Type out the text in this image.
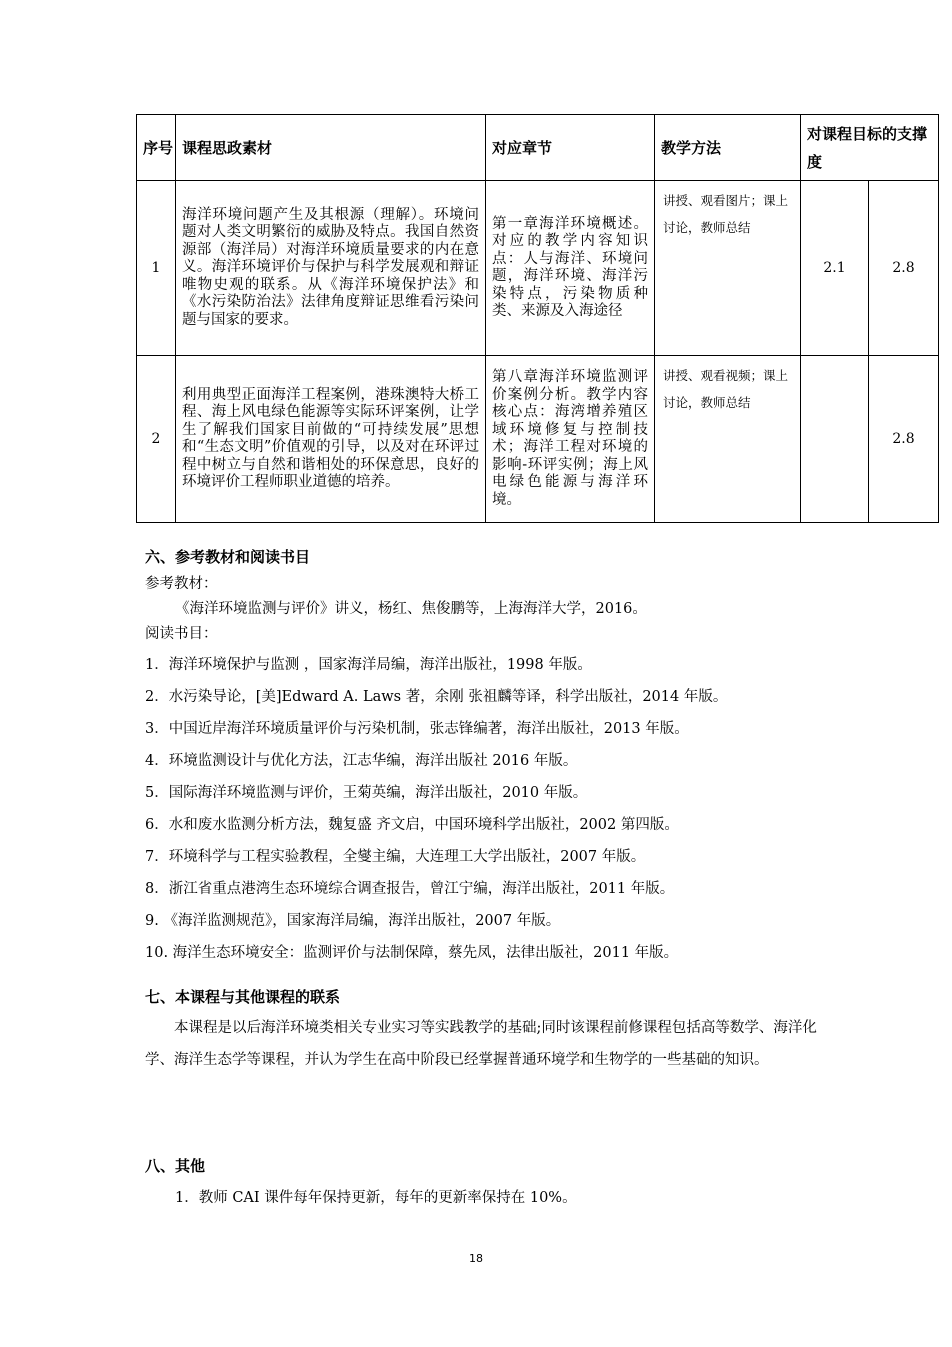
序号	课程思政素材	对应章节	教学方法	对课程目标的支撑度	
1	海洋环境问题产生及其根源（理解）。环境问题对人类文明繁衍的威胁及特点。我国自然资源部（海洋局）对海洋环境质量要求的内在意义。海洋环境评价与保护与科学发展观和辩证唯物史观的联系。从《海洋环境保护法》和《水污染防治法》法律角度辩证思维看污染问题与国家的要求。	第一章海洋环境概述。对应的教学内容知识点：人与海洋、环境问题，海洋环境、海洋污染特点，污染物质种类、来源及入海途径	讲授、观看图片；课上讨论，教师总结	2.1	2.8
2	利用典型正面海洋工程案例，港珠澳特大桥工程、海上风电绿色能源等实际环评案例，让学生了解我们国家目前做的“可持续发展”思想和“生态文明”价值观的引导，以及对在环评过程中树立与自然和谐相处的环保意思，良好的环境评价工程师职业道德的培养。	第八章海洋环境监测评价案例分析。教学内容核心点：海湾增养殖区域环境修复与控制技术；海洋工程对环境的影响-环评实例；海上风电绿色能源与海洋环境。	讲授、观看视频；课上讨论，教师总结		2.8
六、参考教材和阅读书目
参考教材：
《海洋环境监测与评价》讲义，杨红、焦俊鹏等，上海海洋大学，2016。
阅读书目：
1．海洋环境保护与监测 ，国家海洋局编，海洋出版社，1998 年版。
2．水污染导论，[美]Edward A. Laws 著，余刚 张祖麟等译，科学出版社，2014 年版。
3．中国近岸海洋环境质量评价与污染机制，张志锋编著，海洋出版社，2013 年版。
4．环境监测设计与优化方法，江志华编，海洋出版社 2016 年版。
5．国际海洋环境监测与评价，王菊英编，海洋出版社，2010 年版。
6．水和废水监测分析方法，魏复盛 齐文启，中国环境科学出版社，2002 第四版。
7．环境科学与工程实验教程，全燮主编，大连理工大学出版社，2007 年版。
8．浙江省重点港湾生态环境综合调查报告，曾江宁编，海洋出版社，2011 年版。
9. 《海洋监测规范》，国家海洋局编，海洋出版社，2007 年版。
10. 海洋生态环境安全：监测评价与法制保障，蔡先凤，法律出版社，2011 年版。
七、本课程与其他课程的联系
本课程是以后海洋环境类相关专业实习等实践教学的基础;同时该课程前修课程包括高等数学、海洋化学、海洋生态学等课程，并认为学生在高中阶段已经掌握普通环境学和生物学的一些基础的知识。
八、其他
1．教师 CAI 课件每年保持更新，每年的更新率保持在 10%。
18
